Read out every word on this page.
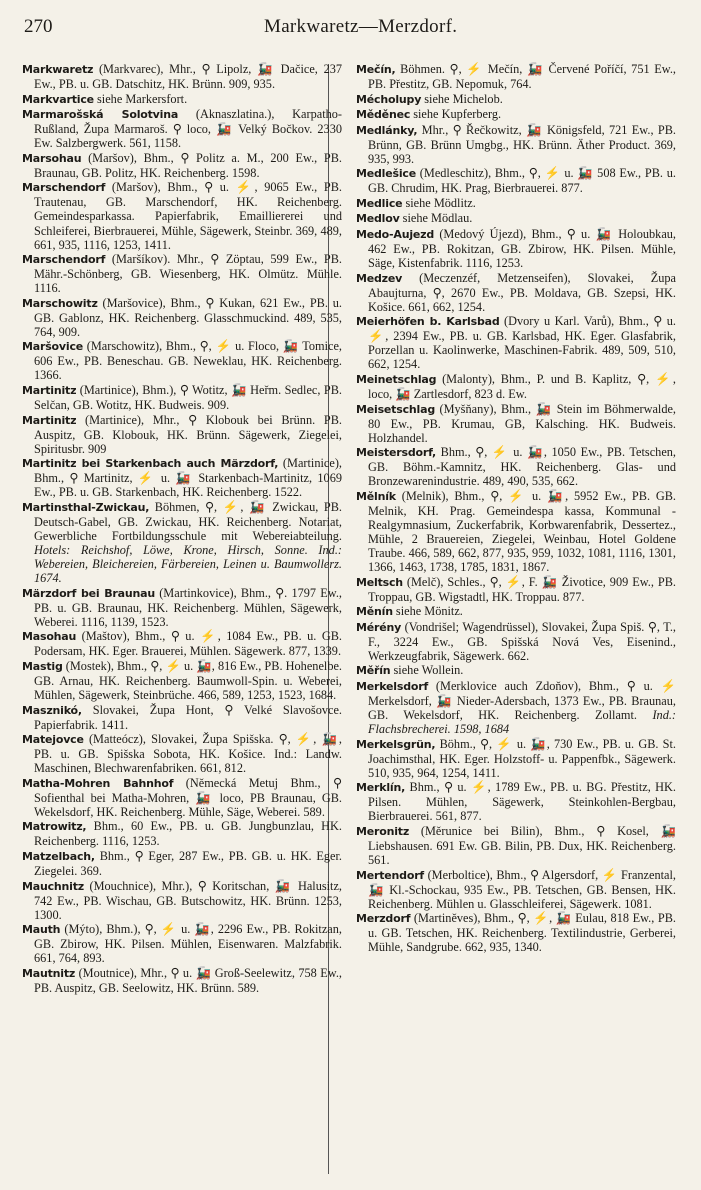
270	Markwaretz—Merzdorf.

Markwaretz (Markvarec), Mhr., ⚲ Lipolz, 🚂 Dačice, 237 Ew., PB. u. GB. Datschitz, HK. Brünn. 909, 935.

Markvartice siehe Markersfort.

Marmarošská Solotvina (Aknaszlatina.), Karpatho-Rußland, Župa Marmaroš. ⚲ loco, 🚂 Velký Bočkov. 2330 Ew. Salzbergwerk. 561, 1158.

Marsohau (Maršov), Bhm., ⚲ Politz a. M., 200 Ew., PB. Braunau, GB. Politz, HK. Reichenberg. 1598.

Marschendorf (Maršov), Bhm., ⚲ u. ⚡, 9065 Ew., PB. Trautenau, GB. Marschendorf, HK. Reichenberg. Gemeindesparkassa. Papierfabrik, Emailliererei und Schleiferei, Bierbrauerei, Mühle, Sägewerk, Steinbr. 369, 489, 661, 935, 1116, 1253, 1411.

Marschendorf (Maršíkov). Mhr., ⚲ Zöptau, 599 Ew., PB. Mähr.-Schönberg, GB. Wiesenberg, HK. Olmütz. Mühle. 1116.

Marschowitz (Maršovice), Bhm., ⚲ Kukan, 621 Ew., PB. u. GB. Gablonz, HK. Reichenberg. Glasschmuckind. 489, 535, 764, 909.

Maršovice (Marschowitz), Bhm., ⚲, ⚡ u. Floco, 🚂 Tomice, 606 Ew., PB. Beneschau. GB. Neweklau, HK. Reichenberg. 1366.

Martinitz (Martinice), Bhm.), ⚲ Wotitz, 🚂 Heřm. Sedlec, PB. Selčan, GB. Wotitz, HK. Budweis. 909.

Martinitz (Martinice), Mhr., ⚲ Klobouk bei Brünn. PB. Auspitz, GB. Klobouk, HK. Brünn. Sägewerk, Ziegelei, Spiritusbr. 909

Martinitz bei Starkenbach auch Märzdorf, (Martinice), Bhm., ⚲ Martinitz, ⚡ u. 🚂 Starkenbach-Martinitz, 1069 Ew., PB. u. GB. Starkenbach, HK. Reichenberg. 1522.

Martinsthal-Zwickau, Böhmen, ⚲, ⚡, 🚂 Zwickau, PB. Deutsch-Gabel, GB. Zwickau, HK. Reichenberg. Notariat, Gewerbliche Fortbildungsschule mit Webereiabteilung. Hotels: Reichshof, Löwe, Krone, Hirsch, Sonne. Ind.: Webereien, Bleichereien, Färbereien, Leinen u. Baumwollerz. 1674.

Märzdorf bei Braunau (Martinkovice), Bhm., ⚲. 1797 Ew., PB. u. GB. Braunau, HK. Reichenberg. Mühlen, Sägewerk, Weberei. 1116, 1139, 1523.

Masohau (Maštov), Bhm., ⚲ u. ⚡, 1084 Ew., PB. u. GB. Podersam, HK. Eger. Brauerei, Mühlen. Sägewerk. 877, 1339.

Mastig (Mostek), Bhm., ⚲, ⚡ u. 🚂, 816 Ew., PB. Hohenelbe. GB. Arnau, HK. Reichenberg. Baumwoll-Spin. u. Weberei, Mühlen, Sägewerk, Steinbrüche. 466, 589, 1253, 1523, 1684.

Masznikó, Slovakei, Župa Hont, ⚲ Velké Slavošovce. Papierfabrik. 1411.

Matejovce (Matteócz), Slovakei, Župa Spišska. ⚲, ⚡, 🚂, PB. u. GB. Spišska Sobota, HK. Košice. Ind.: Landw. Maschinen, Blechwarenfabriken. 661, 812.

Matha-Mohren Bahnhof (Německá Metuj Bhm., ⚲ Sofienthal bei Matha-Mohren, 🚂 loco, PB Braunau, GB. Wekelsdorf, HK. Reichenberg. Mühle, Säge, Weberei. 589.

Matrowitz, Bhm., 60 Ew., PB. u. GB. Jungbunzlau, HK. Reichenberg. 1116, 1253.

Matzelbach, Bhm., ⚲ Eger, 287 Ew., PB. GB. u. HK. Eger. Ziegelei. 369.

Mauchnitz (Mouchnice), Mhr.), ⚲ Koritschan, 🚂 Halusitz, 742 Ew., PB. Wischau, GB. Butschowitz, HK. Brünn. 1253, 1300.

Mauth (Mýto), Bhm.), ⚲, ⚡ u. 🚂, 2296 Ew., PB. Rokitzan, GB. Zbirow, HK. Pilsen. Mühlen, Eisenwaren. Malzfabrik. 661, 764, 893.

Mautnitz (Moutnice), Mhr., ⚲ u. 🚂 Groß-Seelewitz, 758 Ew., PB. Auspitz, GB. Seelowitz, HK. Brünn. 589.

Mečín, Böhmen. ⚲, ⚡ Mečín, 🚂 Červené Poříčí, 751 Ew., PB. Přestitz, GB. Nepomuk, 764.

Mécholupy siehe Michelob.

Měděnec siehe Kupferberg.

Medlánky, Mhr., ⚲ Řečkowitz, 🚂 Königsfeld, 721 Ew., PB. Brünn, GB. Brünn Umgbg., HK. Brünn. Äther Product. 369, 935, 993.

Medlešice (Medleschitz), Bhm., ⚲, ⚡ u. 🚂 508 Ew., PB. u. GB. Chrudim, HK. Prag, Bierbrauerei. 877.

Medlice siehe Mödlitz.

Medlov siehe Mödlau.

Medo-Aujezd (Medový Újezd), Bhm., ⚲ u. 🚂 Holoubkau, 462 Ew., PB. Rokitzan, GB. Zbirow, HK. Pilsen. Mühle, Säge, Kistenfabrik. 1116, 1253.

Medzev (Meczenzéf, Metzenseifen), Slovakei, Župa Abaujturna, ⚲, 2670 Ew., PB. Moldava, GB. Szepsi, HK. Košice. 661, 662, 1254.

Meierhöfen b. Karlsbad (Dvory u Karl. Varů), Bhm., ⚲ u. ⚡, 2394 Ew., PB. u. GB. Karlsbad, HK. Eger. Glasfabrik, Porzellan u. Kaolinwerke, Maschinen-Fabrik. 489, 509, 510, 662, 1254.

Meinetschlag (Malonty), Bhm., P. und B. Kaplitz, ⚲, ⚡, loco, 🚂 Zartlesdorf, 823 d. Ew.

Meisetschlag (Myšňany), Bhm., 🚂 Stein im Böhmerwalde, 80 Ew., PB. Krumau, GB, Kalsching. HK. Budweis. Holzhandel.

Meistersdorf, Bhm., ⚲, ⚡ u. 🚂, 1050 Ew., PB. Tetschen, GB. Böhm.-Kamnitz, HK. Reichenberg. Glas- und Bronzewarenindustrie. 489, 490, 535, 662.

Mělník (Melnik), Bhm., ⚲, ⚡ u. 🚂, 5952 Ew., PB. GB. Melnik, KH. Prag. Gemeindespa kassa, Kommunal - Realgymnasium, Zuckerfabrik, Korbwarenfabrik, Dessertez., Mühle, 2 Brauereien, Ziegelei, Weinbau, Hotel Goldene Traube. 466, 589, 662, 877, 935, 959, 1032, 1081, 1116, 1301, 1366, 1463, 1738, 1785, 1831, 1867.

Meltsch (Melč), Schles., ⚲, ⚡, F. 🚂 Životice, 909 Ew., PB. Troppau, GB. Wigstadtl, HK. Troppau. 877.

Měnín siehe Mönitz.

Mérény (Vondrišel; Wagendrüssel), Slovakei, Župa Spiš. ⚲, T., F., 3224 Ew., GB. Spišská Nová Ves, Eisenind., Werkzeugfabrik, Sägewerk. 662.

Měřín siehe Wollein.

Merkelsdorf (Merklovice auch Zdoňov), Bhm., ⚲ u. ⚡ Merkelsdorf, 🚂 Nieder-Adersbach, 1373 Ew., PB. Braunau, GB. Wekelsdorf, HK. Reichenberg. Zollamt. Ind.: Flachsbrecherei. 1598, 1684

Merkelsgrün, Böhm., ⚲, ⚡ u. 🚂, 730 Ew., PB. u. GB. St. Joachimsthal, HK. Eger. Holzstoff- u. Pappenfbk., Sägewerk. 510, 935, 964, 1254, 1411.

Merklín, Bhm., ⚲ u. ⚡, 1789 Ew., PB. u. BG. Přestitz, HK. Pilsen. Mühlen, Sägewerk, Steinkohlen-Bergbau, Bierbrauerei. 561, 877.

Meronitz (Měrunice bei Bilin), Bhm., ⚲ Kosel, 🚂 Liebshausen. 691 Ew. GB. Bilin, PB. Dux, HK. Reichenberg. 561.

Mertendorf (Merboltice), Bhm., ⚲ Algersdorf, ⚡ Franzental, 🚂 Kl.-Schockau, 935 Ew., PB. Tetschen, GB. Bensen, HK. Reichenberg. Mühlen u. Glasschleiferei, Sägewerk. 1081.

Merzdorf (Martiněves), Bhm., ⚲, ⚡, 🚂 Eulau, 818 Ew., PB. u. GB. Tetschen, HK. Reichenberg. Textilindustrie, Gerberei, Mühle, Sandgrube. 662, 935, 1340.
